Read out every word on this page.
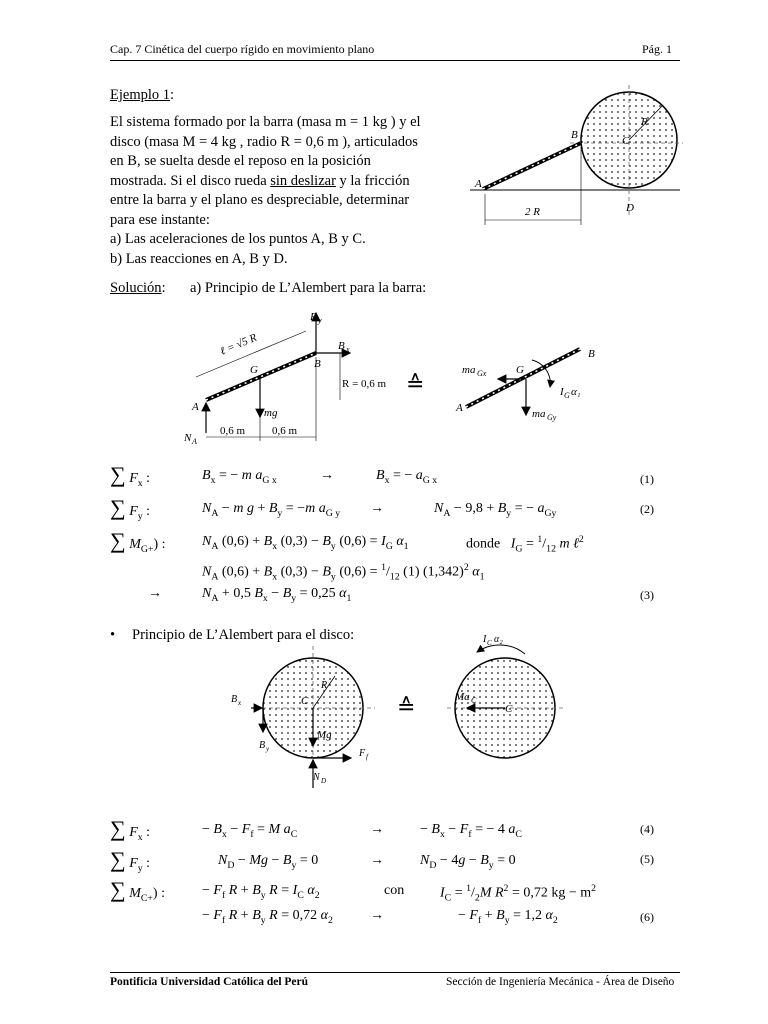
Cap. 7 Cinética del cuerpo rígido en movimiento plano	Pág. 1
Ejemplo 1:
El sistema formado por la barra (masa m = 1 kg ) y el
disco (masa M = 4 kg , radio R = 0,6 m ), articulados
en B, se suelta desde el reposo en la posición
mostrada. Si el disco rueda sin deslizar y la fricción
entre la barra y el plano es despreciable, determinar
para ese instante:
a) Las aceleraciones de los puntos A, B y C.
b) Las reacciones en A, B y D.
A
B	C
R
D
2 R
Solución: a) Principio de L’Alembert para la barra:
B y
B x
ℓ = √5 R
G	B
A
N A
mg
R = 0,6 m
0,6 m 0,6 m
≙
ma Gx	G
B
A
I G α₁
ma Gy
∑ $F_x$ :	$B_x$ = − m $a_{G x}$	→	$B_x$ = − $a_{G x}$	(1)
∑ $F_y$ :	$N_A - m$ $g + B_y = -m$ $a_{G y}$ →	$N_A - 9,8 + B_y$ = − $a_{Gy}$	(2)
∑ $M_{G+}$) :	$N_A$ $(0,6) + B_x$ $(0,3) - B_y$ $(0,6) = I_G$ $\alpha_1$	donde   $I_G = ^1/_{12}$ m ℓ$^2$
$N_A$ $(0,6) + B_x$ $(0,3) - B_y$ $(0,6) = ^1/_{12}$ (1) $(1,342)^2$ $\alpha_1$
→	$N_A + 0,5$ $B_x - B_y = 0,25$ $\alpha_1$	(3)
• Principio de L’Alembert para el disco:
B x
B y
C
R
Mg
F f
N D
≙	Ma C
C
I C α₂
∑ $F_x$ :	− $B_x - F_f = M$ $a_C$	→	− $B_x - F_f$ = − 4 $a_C$	(4)
∑ $F_y$ :	$N_D - Mg - B_y = 0$	→	$N_D - 4g - B_y = 0$	(5)
∑ $M_{C+}$) :	− $F_f$ $R + B_y$ $R = I_C$ $\alpha_2$	con	$I_C = ^1/_2M$ $R^2 = 0,72$ kg − $m^2$
− $F_f$ $R + B_y$ R = 0,72 $\alpha_2$	→	− $F_f + B_y = 1,2$ $\alpha_2$	(6)
Pontificia Universidad Católica del Perú	Sección de Ingeniería Mecánica - Área de Diseño
